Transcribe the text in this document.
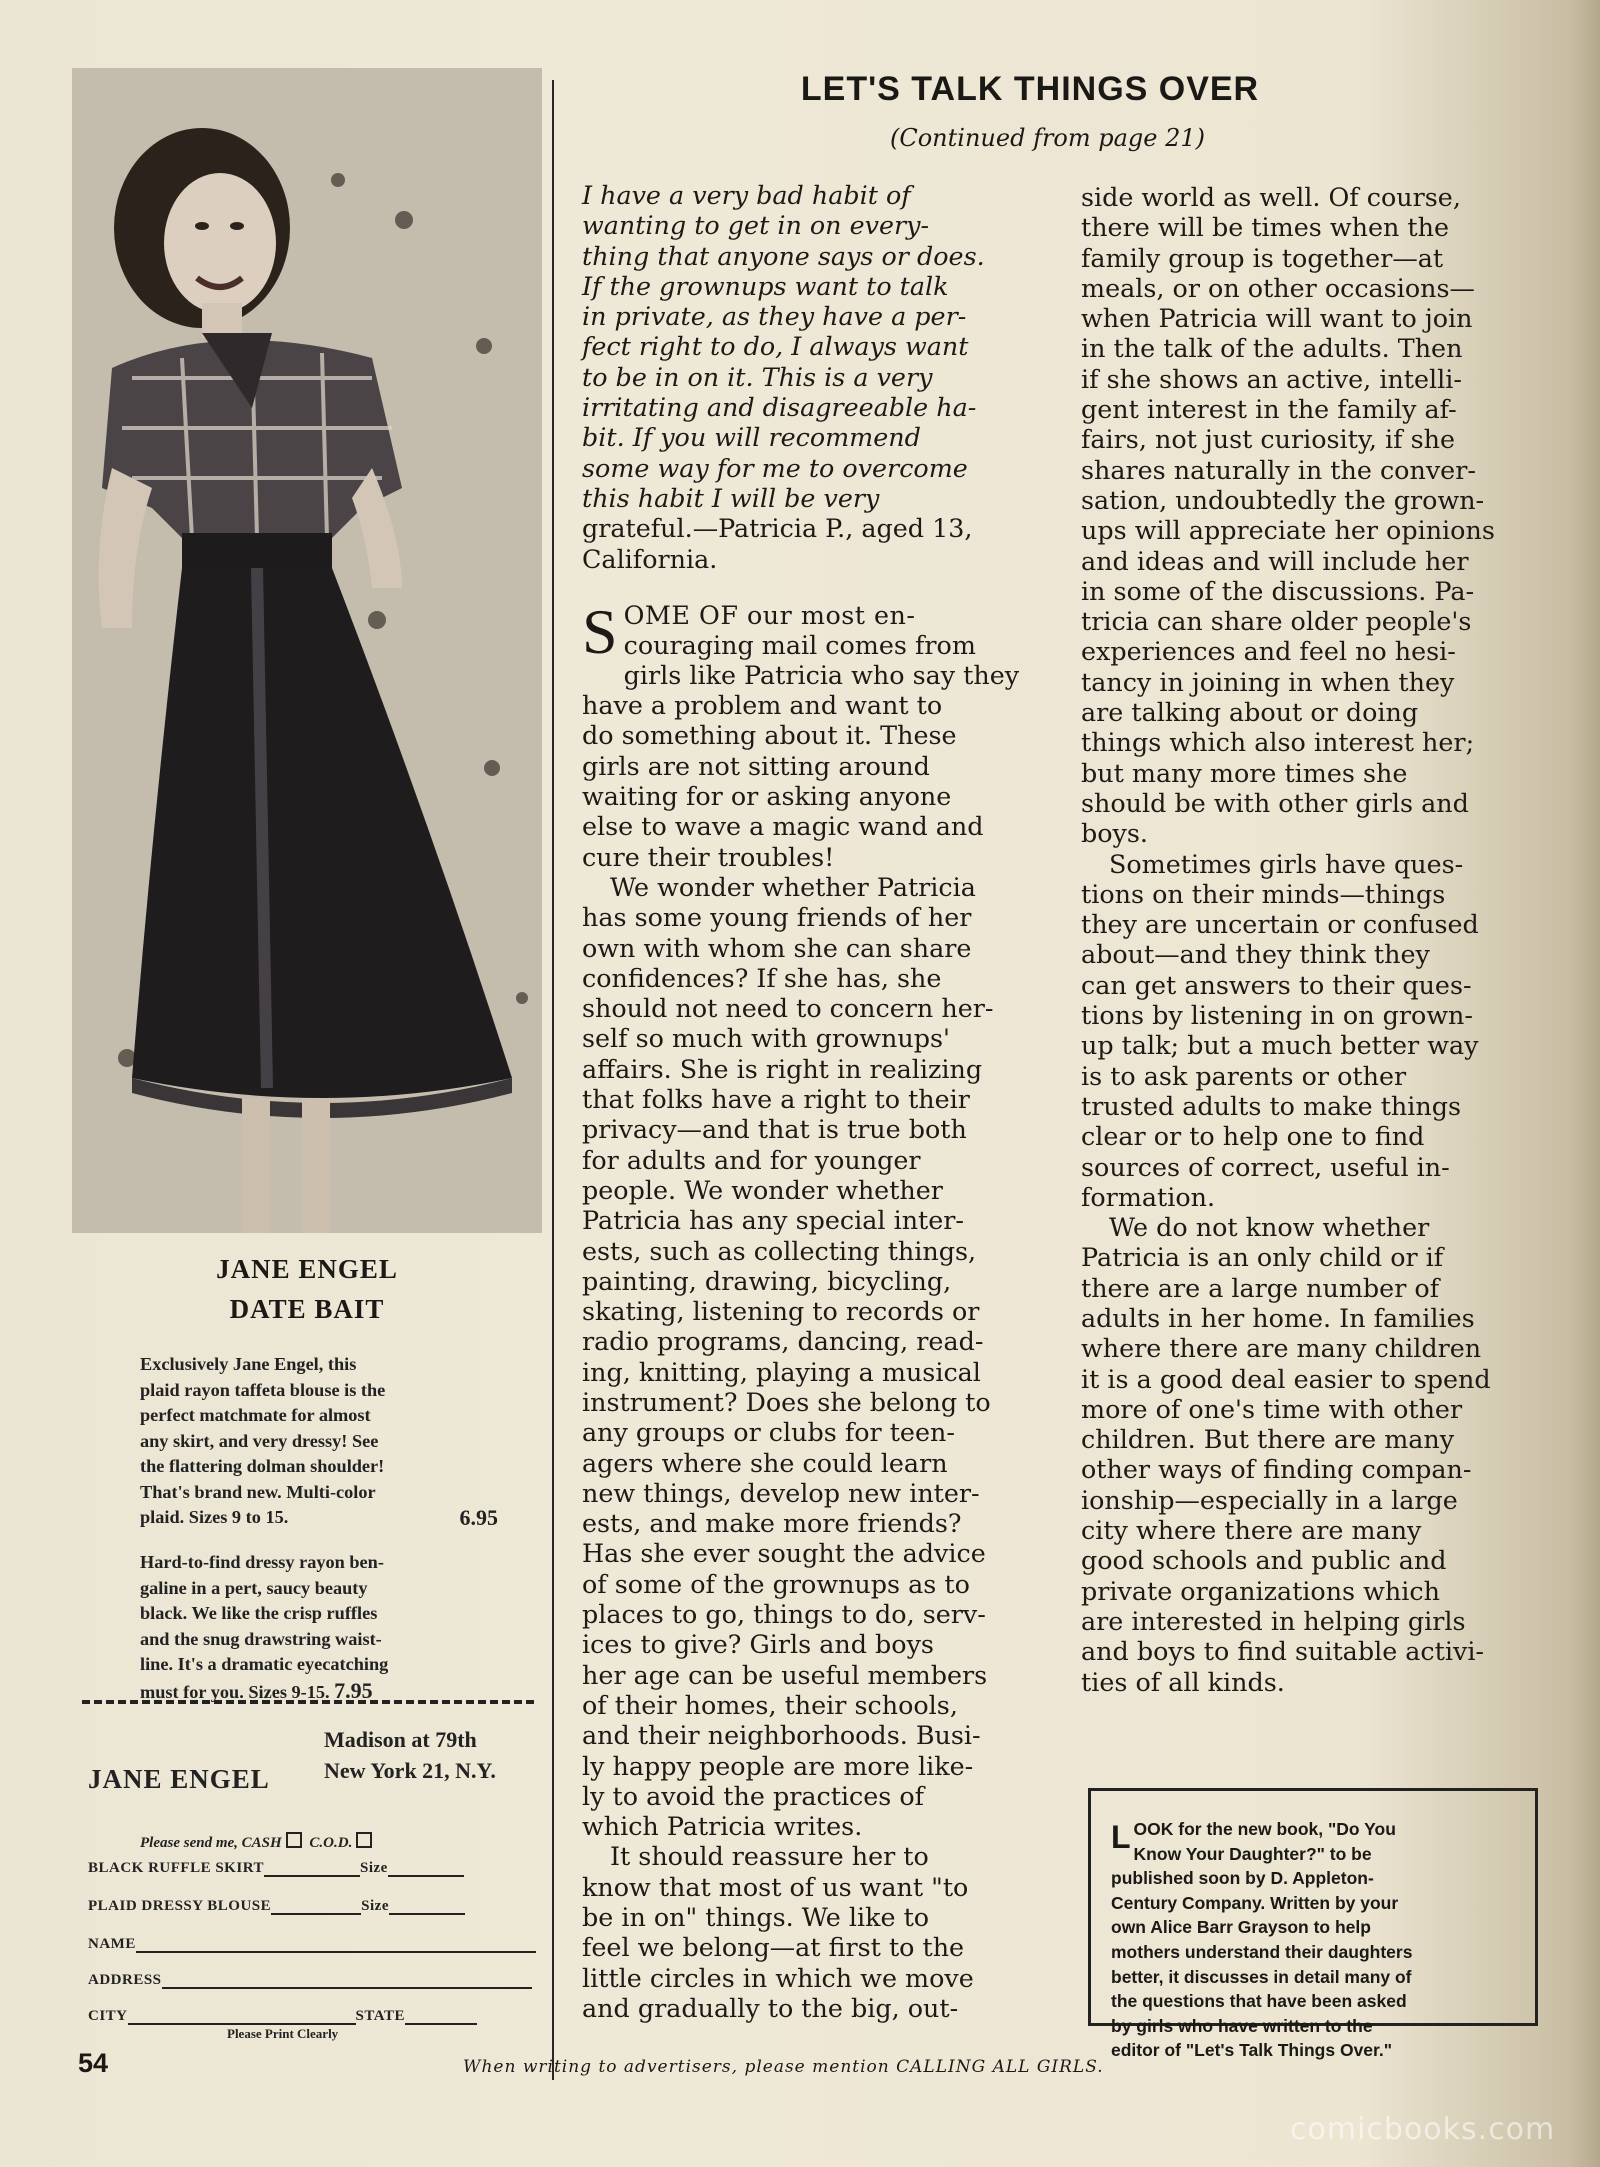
JANE ENGEL
DATE BAIT
Exclusively Jane Engel, this
plaid rayon taffeta blouse is the
perfect matchmate for almost
any skirt, and very dressy! See
the flattering dolman shoulder!
That's brand new. Multi-color
plaid. Sizes 9 to 15.	6.95
Hard-to-find dressy rayon ben-
galine in a pert, saucy beauty
black. We like the crisp ruffles
and the snug drawstring waist-
line. It's a dramatic eyecatching
must for you. Sizes 9-15. 7.95
JANE ENGEL
Madison at 79th
New York 21, N.Y.
Please send me, CASH C.O.D.
BLACK RUFFLE SKIRT	Size
PLAID DRESSY BLOUSE	Size
NAME
ADDRESS
CITY	STATE
Please Print Clearly
LET'S TALK THINGS OVER
(Continued from page 21)
I have a very bad habit of
wanting to get in on every-
thing that anyone says or does.
If the grownups want to talk
in private, as they have a per-
fect right to do, I always want
to be in on it. This is a very
irritating and disagreeable ha-
bit. If you will recommend
some way for me to overcome
this habit I will be very
grateful.—Patricia P., aged 13,
California.
S OME OF our most en-
couraging mail comes from
girls like Patricia who say they
have a problem and want to
do something about it. These
girls are not sitting around
waiting for or asking anyone
else to wave a magic wand and
cure their troubles!
We wonder whether Patricia
has some young friends of her
own with whom she can share
confidences? If she has, she
should not need to concern her-
self so much with grownups'
affairs. She is right in realizing
that folks have a right to their
privacy—and that is true both
for adults and for younger
people. We wonder whether
Patricia has any special inter-
ests, such as collecting things,
painting, drawing, bicycling,
skating, listening to records or
radio programs, dancing, read-
ing, knitting, playing a musical
instrument? Does she belong to
any groups or clubs for teen-
agers where she could learn
new things, develop new inter-
ests, and make more friends?
Has she ever sought the advice
of some of the grownups as to
places to go, things to do, serv-
ices to give? Girls and boys
her age can be useful members
of their homes, their schools,
and their neighborhoods. Busi-
ly happy people are more like-
ly to avoid the practices of
which Patricia writes.
It should reassure her to
know that most of us want "to
be in on" things. We like to
feel we belong—at first to the
little circles in which we move
and gradually to the big, out-
side world as well. Of course,
there will be times when the
family group is together—at
meals, or on other occasions—
when Patricia will want to join
in the talk of the adults. Then
if she shows an active, intelli-
gent interest in the family af-
fairs, not just curiosity, if she
shares naturally in the conver-
sation, undoubtedly the grown-
ups will appreciate her opinions
and ideas and will include her
in some of the discussions. Pa-
tricia can share older people's
experiences and feel no hesi-
tancy in joining in when they
are talking about or doing
things which also interest her;
but many more times she
should be with other girls and
boys.
Sometimes girls have ques-
tions on their minds—things
they are uncertain or confused
about—and they think they
can get answers to their ques-
tions by listening in on grown-
up talk; but a much better way
is to ask parents or other
trusted adults to make things
clear or to help one to find
sources of correct, useful in-
formation.
We do not know whether
Patricia is an only child or if
there are a large number of
adults in her home. In families
where there are many children
it is a good deal easier to spend
more of one's time with other
children. But there are many
other ways of finding compan-
ionship—especially in a large
city where there are many
good schools and public and
private organizations which
are interested in helping girls
and boys to find suitable activi-
ties of all kinds.
L OOK for the new book, "Do You
Know Your Daughter?" to be
published soon by D. Appleton-
Century Company. Written by your
own Alice Barr Grayson to help
mothers understand their daughters
better, it discusses in detail many of
the questions that have been asked
by girls who have written to the
editor of "Let's Talk Things Over."
54	When writing to advertisers, please mention CALLING ALL GIRLS.
comicbooks.com
